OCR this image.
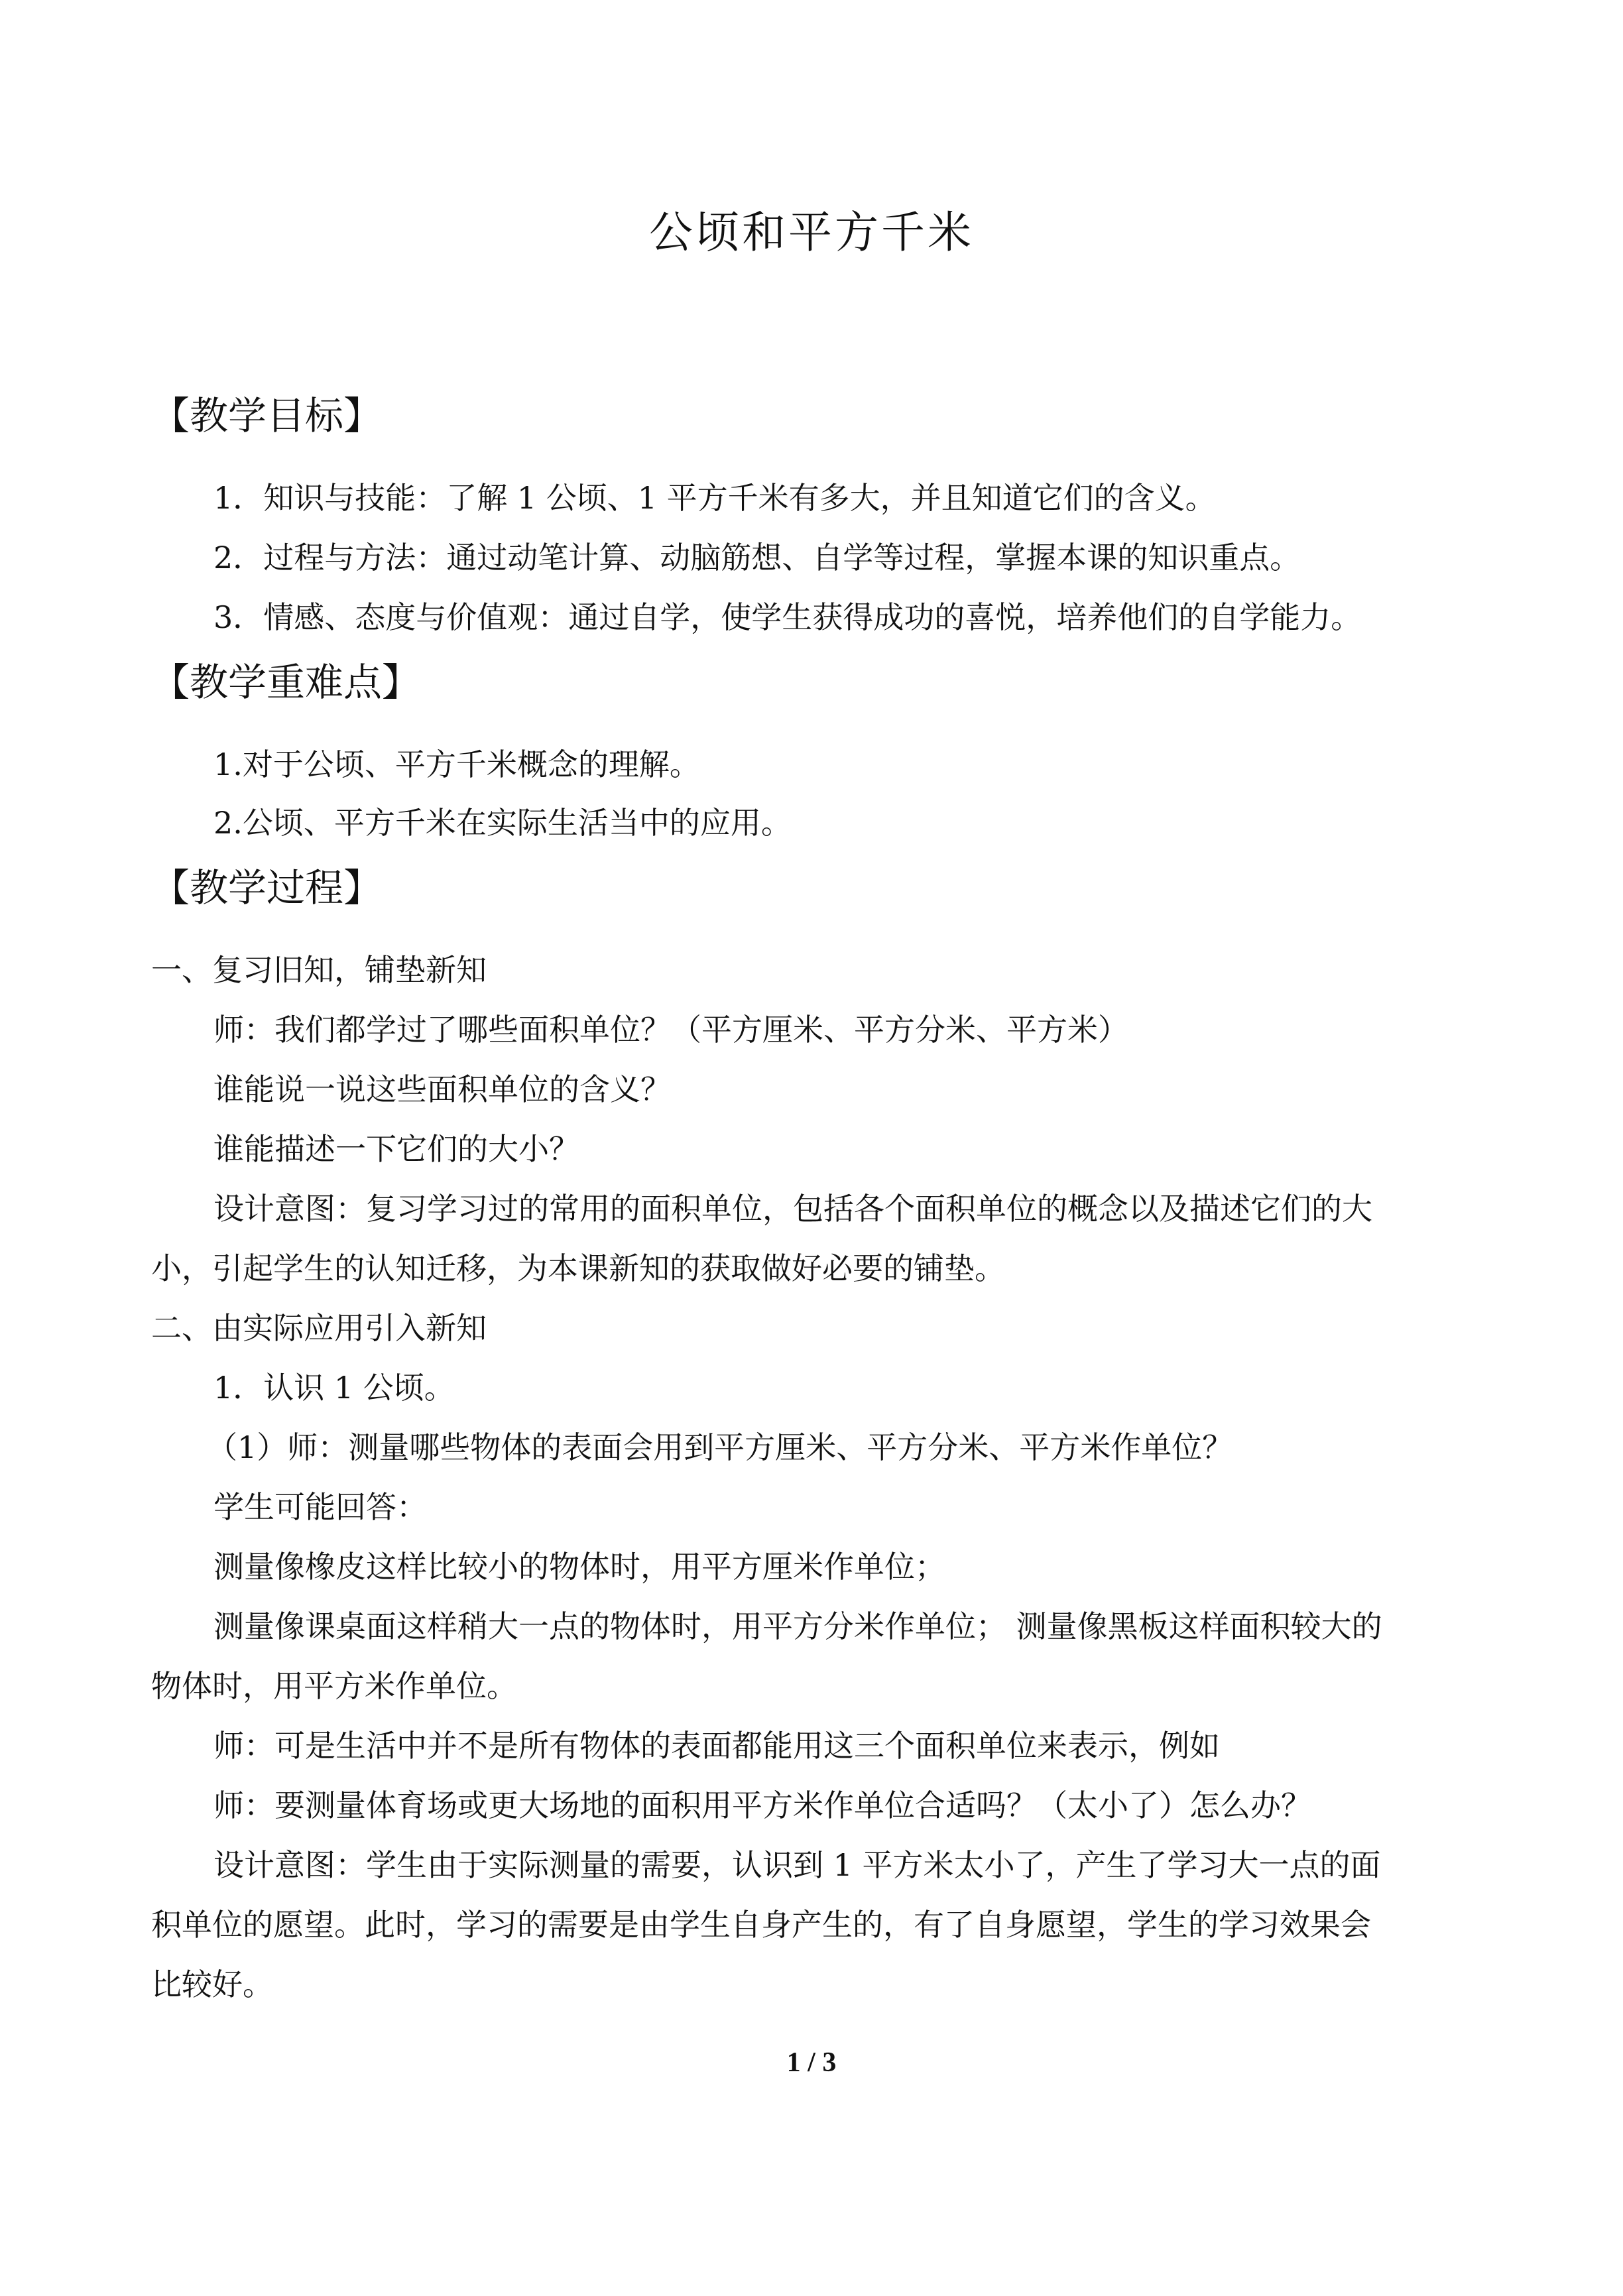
公顷和平方千米
【教学目标】
1．知识与技能：了解 1 公顷、1 平方千米有多大，并且知道它们的含义。
2．过程与方法：通过动笔计算、动脑筋想、自学等过程，掌握本课的知识重点。
3．情感、态度与价值观：通过自学，使学生获得成功的喜悦，培养他们的自学能力。
【教学重难点】
1.对于公顷、平方千米概念的理解。
2.公顷、平方千米在实际生活当中的应用。
【教学过程】
一、复习旧知，铺垫新知
师：我们都学过了哪些面积单位？（平方厘米、平方分米、平方米）
谁能说一说这些面积单位的含义？
谁能描述一下它们的大小？
设计意图：复习学习过的常用的面积单位，包括各个面积单位的概念以及描述它们的大
小，引起学生的认知迁移，为本课新知的获取做好必要的铺垫。
二、由实际应用引入新知
1．认识 1 公顷。
（1）师：测量哪些物体的表面会用到平方厘米、平方分米、平方米作单位？
学生可能回答：
测量像橡皮这样比较小的物体时，用平方厘米作单位；
测量像课桌面这样稍大一点的物体时，用平方分米作单位； 测量像黑板这样面积较大的
物体时，用平方米作单位。
师：可是生活中并不是所有物体的表面都能用这三个面积单位来表示，例如
师：要测量体育场或更大场地的面积用平方米作单位合适吗？（太小了）怎么办？
设计意图：学生由于实际测量的需要，认识到 1 平方米太小了，产生了学习大一点的面
积单位的愿望。此时，学习的需要是由学生自身产生的，有了自身愿望，学生的学习效果会
比较好。
1 / 3
